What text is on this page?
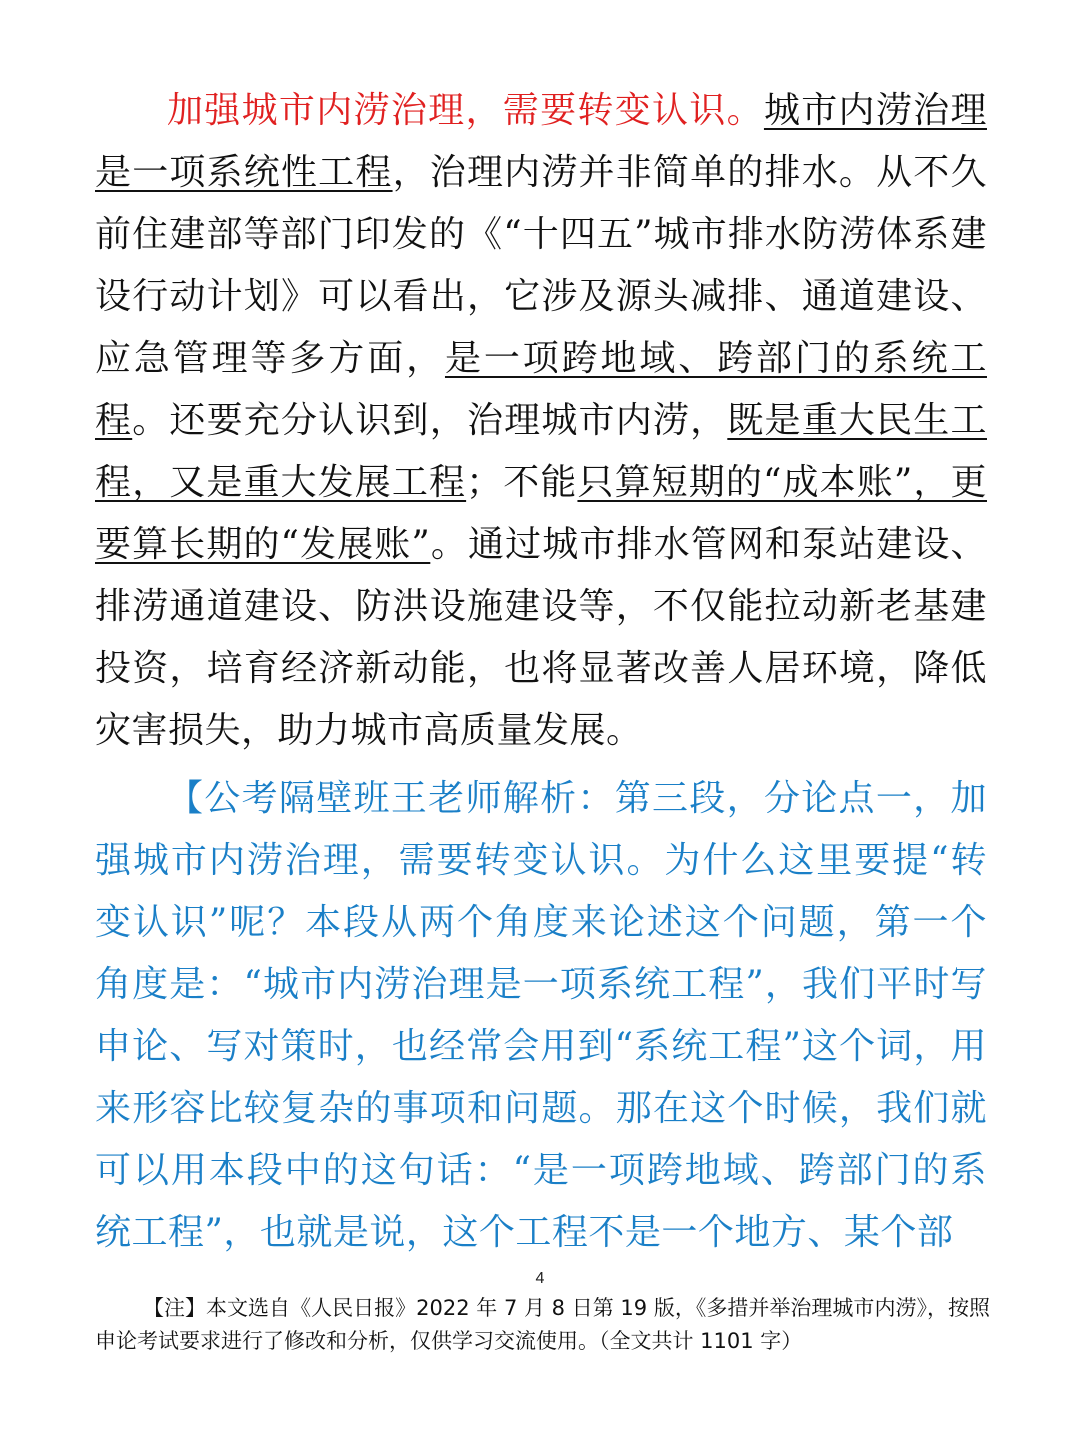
加强城市内涝治理，需要转变认识。城市内涝治理是一项系统性工程，治理内涝并非简单的排水。从不久前住建部等部门印发的《“十四五”城市排水防涝体系建设行动计划》可以看出，它涉及源头减排、通道建设、应急管理等多方面，是一项跨地域、跨部门的系统工程。还要充分认识到，治理城市内涝，既是重大民生工程，又是重大发展工程；不能只算短期的“成本账”，更要算长期的“发展账”。通过城市排水管网和泵站建设、排涝通道建设、防洪设施建设等，不仅能拉动新老基建投资，培育经济新动能，也将显著改善人居环境，降低灾害损失，助力城市高质量发展。

【公考隔壁班王老师解析：第三段，分论点一，加强城市内涝治理，需要转变认识。为什么这里要提“转变认识”呢？本段从两个角度来论述这个问题，第一个角度是：“城市内涝治理是一项系统工程”，我们平时写申论、写对策时，也经常会用到“系统工程”这个词，用来形容比较复杂的事项和问题。那在这个时候，我们就可以用本段中的这句话：“是一项跨地域、跨部门的系统工程”，也就是说，这个工程不是一个地方、某个部

4

【注】本文选自《人民日报》2022 年 7 月 8 日第 19 版，《多措并举治理城市内涝》，按照申论考试要求进行了修改和分析，仅供学习交流使用。（全文共计 1101 字）
